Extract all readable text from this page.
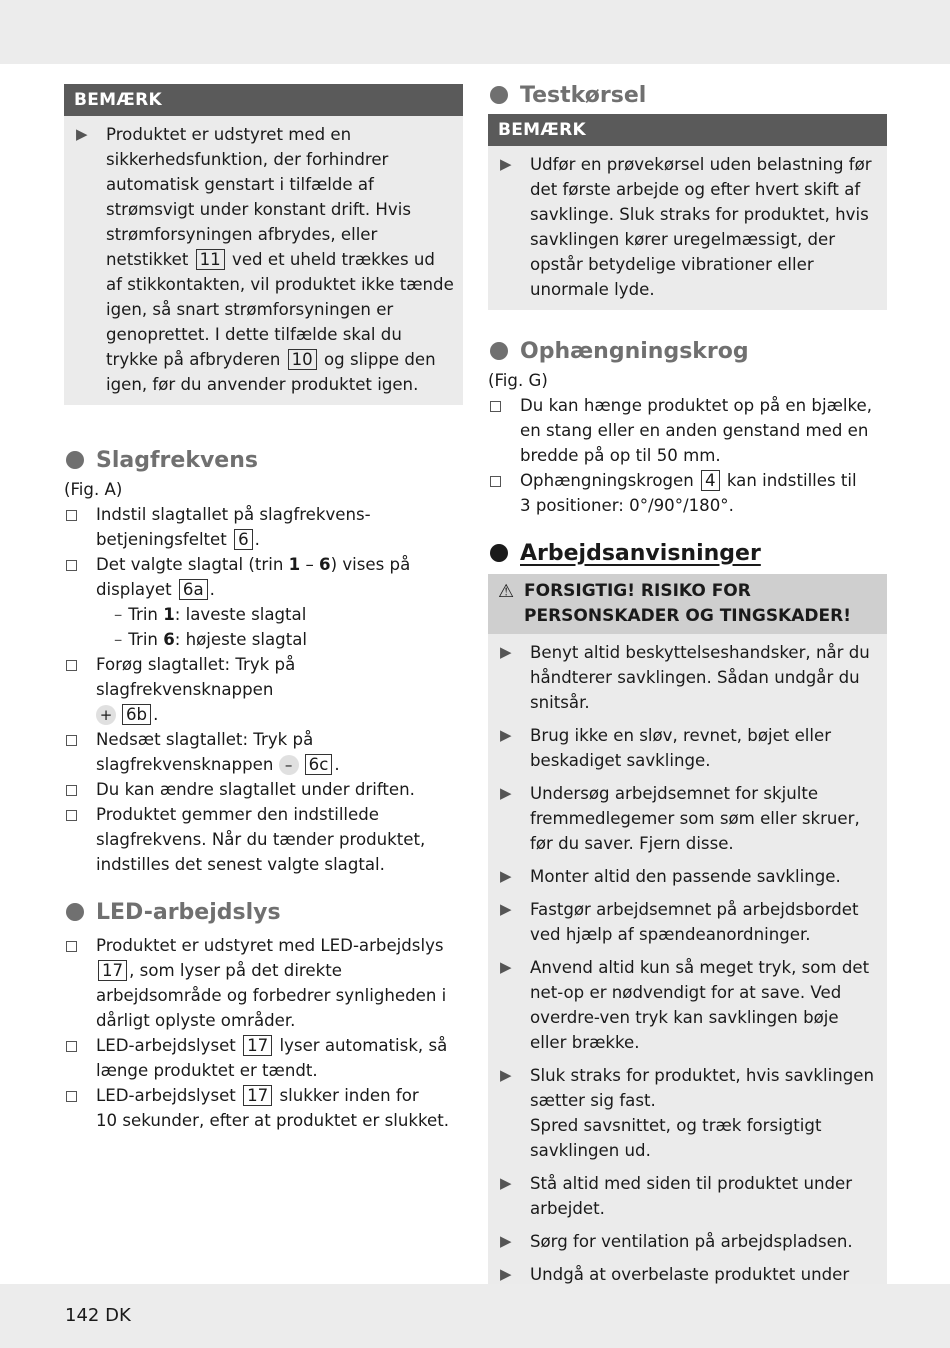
BEMÆRK
▶ Produktet er udstyret med en sikkerhedsfunktion, der forhindrer automatisk genstart i tilfælde af strømsvigt under konstant drift. Hvis strømforsyningen afbrydes, eller netstikket 11 ved et uheld trækkes ud af stikkontakten, vil produktet ikke tænde igen, så snart strømforsyningen er genoprettet. I dette tilfælde skal du trykke på afbryderen 10 og slippe den igen, før du anvender produktet igen.
Slagfrekvens
(Fig. A)
Indstil slagtallet på slagfrekvens-
betjeningsfeltet 6 .
Det valgte slagtal (trin 1 – 6) vises på
displayet 6a .
– Trin 1: laveste slagtal
– Trin 6: højeste slagtal
Forøg slagtallet: Tryk på slagfrekvensknappen
+ 6b .
Nedsæt slagtallet: Tryk på
slagfrekvensknappen – 6c .
Du kan ændre slagtallet under driften.
Produktet gemmer den indstillede slagfrekvens. Når du tænder produktet, indstilles det senest valgte slagtal.
LED-arbejdslys
Produktet er udstyret med LED-arbejdslys
17 , som lyser på det direkte arbejdsområde og forbedrer synligheden i dårligt oplyste områder.
LED-arbejdslyset 17 lyser automatisk, så længe produktet er tændt.
LED-arbejdslyset 17 slukker inden for
10 sekunder, efter at produktet er slukket.
Testkørsel
BEMÆRK
▶ Udfør en prøvekørsel uden belastning før det første arbejde og efter hvert skift af savklinge. Sluk straks for produktet, hvis savklingen kører uregelmæssigt, der opstår betydelige vibrationer eller unormale lyde.
Ophængningskrog
(Fig. G)
Du kan hænge produktet op på en bjælke, en stang eller en anden genstand med en bredde på op til 50 mm.
Ophængningskrogen 4 kan indstilles til
3 positioner: 0°/90°/180°.
Arbejdsanvisninger
⚠ FORSIGTIG! RISIKO FOR
PERSONSKADER OG TINGSKADER!
▶ Benyt altid beskyttelseshandsker, når du håndterer savklingen. Sådan undgår du snitsår.
▶ Brug ikke en sløv, revnet, bøjet eller beskadiget savklinge.
▶ Undersøg arbejdsemnet for skjulte fremmedlegemer som søm eller skruer, før du saver. Fjern disse.
▶ Monter altid den passende savklinge.
▶ Fastgør arbejdsemnet på arbejdsbordet ved hjælp af spændeanordninger.
▶ Anvend altid kun så meget tryk, som det net-op er nødvendigt for at save. Ved overdre-ven tryk kan savklingen bøje eller brække.
▶ Sluk straks for produktet, hvis savklingen sætter sig fast.
Spred savsnittet, og træk forsigtigt savklingen ud.
▶ Stå altid med siden til produktet under arbejdet.
▶ Sørg for ventilation på arbejdspladsen.
▶ Undgå at overbelaste produktet under
142 DK
